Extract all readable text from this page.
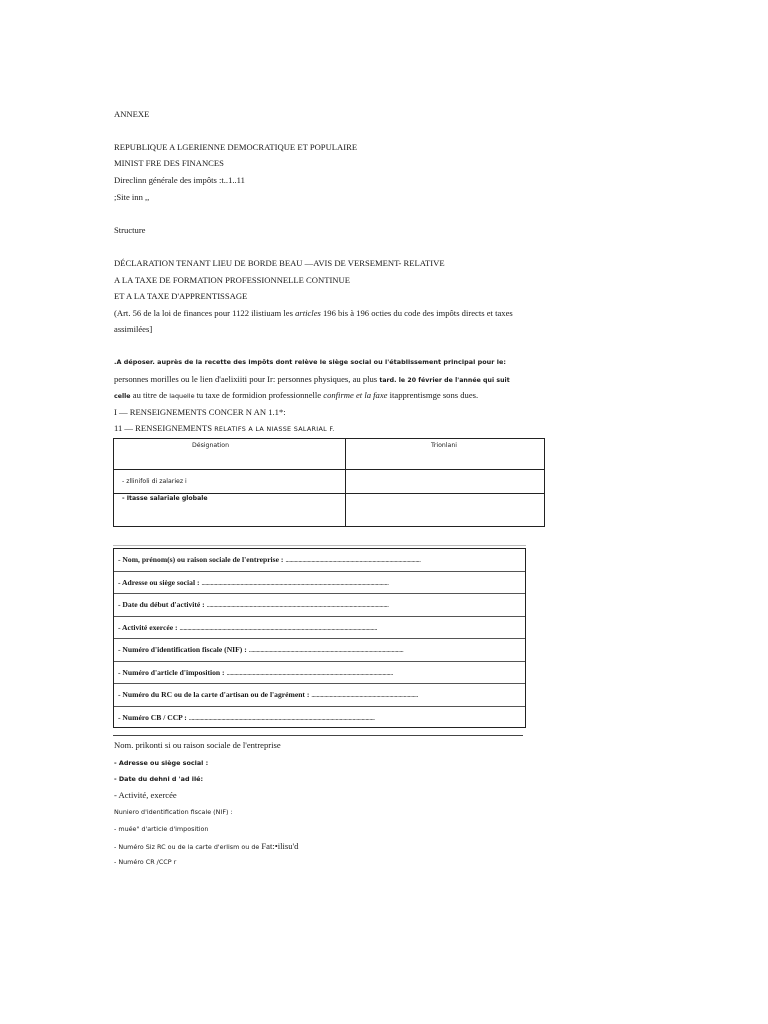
ANNEXE
REPUBLIQUE A LGERIENNE DEMOCRATIQUE ET POPULAIRE
MINIST FRE DES FINANCES
Direclinn générale des impôts :t..1..11
;Site inn ,,
Structure
DÉCLARATION TENANT LIEU DE BORDE BEAU —AVIS DE VERSEMENT- RELATIVE
A LA TAXE DE FORMATION PROFESSIONNELLE CONTINUE
ET A LA TAXE D'APPRENTISSAGE
(Art. 56 de la loi de finances pour 1122 ilistiuam les articles 196 bis à 196 octies du code des impôts directs et taxes
assimilées]
.A déposer. auprès de la recette des impôts dont relève le siège social ou l'établissement principal pour le:
personnes morilles ou le lien d'aelixiiti pour Ir: personnes physiques, au plus tard. le 20 février de l'année qui suit
celle au titre de laquelle tu taxe de formidion professionnelle confirme et la faxe itapprentismge sons dues.
I — RENSEIGNEMENTS CONCER N AN 1.1*:
11 — RENSEIGNEMENTS RELATIFS A LA NIASSE SALARIAL F.
Désignation	Trionlani
- zllinifoli di zalariez i
- Itasse salariale globale
- Nom, prénom(s) ou raison sociale de l'entreprise : ........................................................................................................
- Adresse ou siège social : ................................................................................................................................................
- Date du début d'activité : ............................................................................................................................................
- Activité exercée : ........................................................................................................................................................
- Numéro d'identification fiscale (NIF) : .......................................................................................................................
- Numéro d'article d'imposition : ................................................................................................................................
- Numéro du RC ou de la carte d'artisan ou de l'agrément : ..................................................................................
- Numéro CB / CCP : ...............................................................................................................................................
Nom. prikonti si ou raison sociale de l'entreprise
- Adresse ou siège social :
- Date du dehni d 'ad ilé:
- Activité, exercée
Nuniero d'identification fiscale (NIF) :
- muée" d'article d'imposition
- Numéro Siz RC ou de la carte d'erlism ou de Fat:•ilisu'd
- Numéro CR /CCP r
